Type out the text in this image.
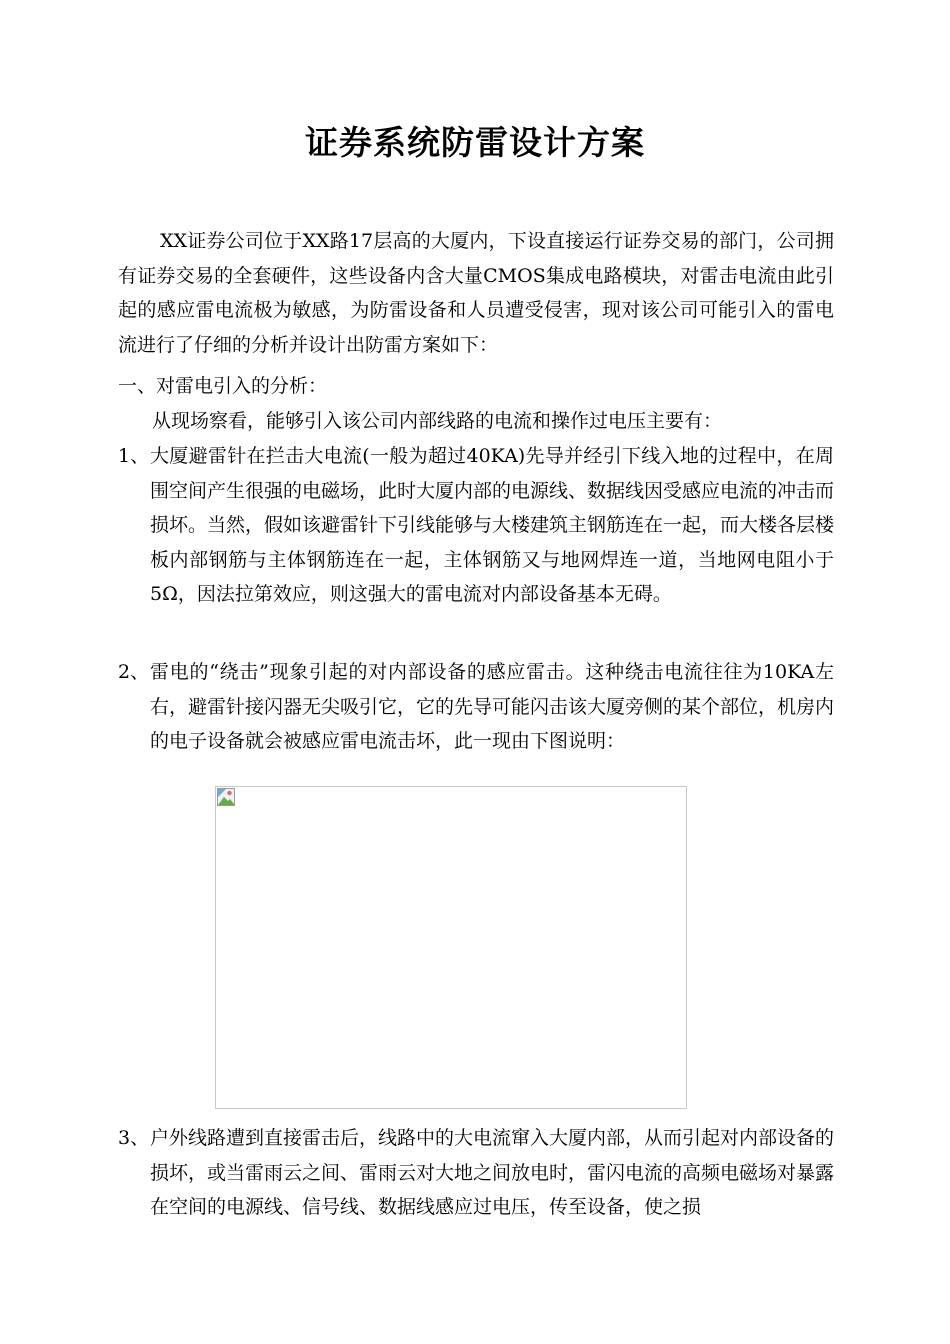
证券系统防雷设计方案
XX证券公司位于XX路17层高的大厦内，下设直接运行证券交易的部门，公司拥有证券交易的全套硬件，这些设备内含大量CMOS集成电路模块，对雷击电流由此引起的感应雷电流极为敏感，为防雷设备和人员遭受侵害，现对该公司可能引入的雷电流进行了仔细的分析并设计出防雷方案如下：
一、对雷电引入的分析：
从现场察看，能够引入该公司内部线路的电流和操作过电压主要有：
1、 大厦避雷针在拦击大电流(一般为超过40KA)先导并经引下线入地的过程中，在周围空间产生很强的电磁场，此时大厦内部的电源线、数据线因受感应电流的冲击而损坏。当然，假如该避雷针下引线能够与大楼建筑主钢筋连在一起，而大楼各层楼板内部钢筋与主体钢筋连在一起，主体钢筋又与地网焊连一道，当地网电阻小于5Ω，因法拉第效应，则这强大的雷电流对内部设备基本无碍。
2、 雷电的“绕击”现象引起的对内部设备的感应雷击。这种绕击电流往往为10KA左右，避雷针接闪器无尖吸引它，它的先导可能闪击该大厦旁侧的某个部位，机房内的电子设备就会被感应雷电流击坏，此一现由下图说明：
3、 户外线路遭到直接雷击后，线路中的大电流窜入大厦内部，从而引起对内部设备的损坏，或当雷雨云之间、雷雨云对大地之间放电时，雷闪电流的高频电磁场对暴露在空间的电源线、信号线、数据线感应过电压，传至设备，使之损
